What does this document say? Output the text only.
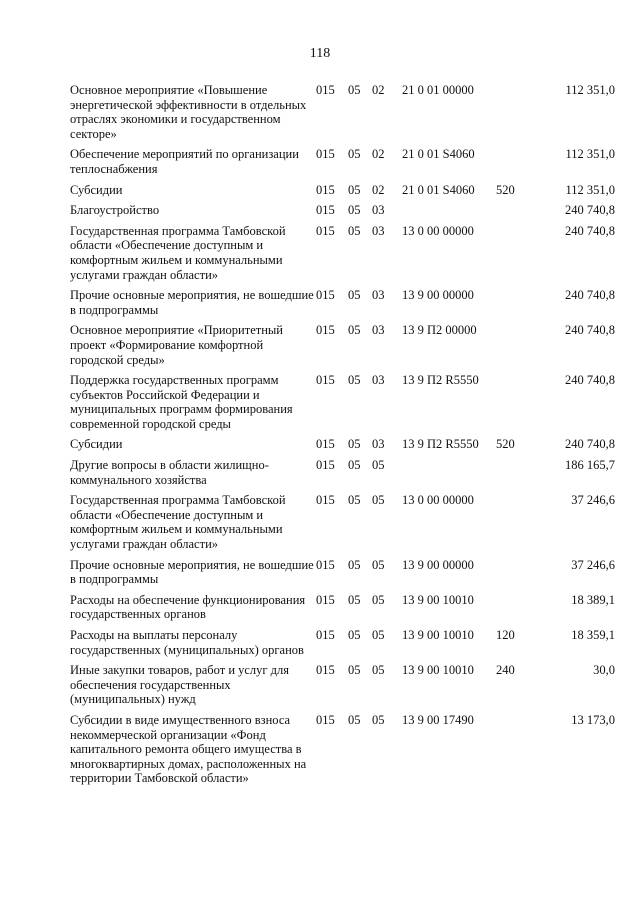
118
Основное мероприятие «Повышение энергетической эффективности в отдельных отраслях экономики и государственном секторе»	015	05	02	21 0 01 00000		112 351,0
Обеспечение мероприятий по организации теплоснабжения	015	05	02	21 0 01 S4060		112 351,0
Субсидии	015	05	02	21 0 01 S4060	520	112 351,0
Благоустройство	015	05	03			240 740,8
Государственная программа Тамбовской области «Обеспечение доступным и комфортным жильем и коммунальными услугами граждан области»	015	05	03	13 0 00 00000		240 740,8
Прочие основные мероприятия, не вошедшие в подпрограммы	015	05	03	13 9 00 00000		240 740,8
Основное мероприятие «Приоритетный проект «Формирование комфортной городской среды»	015	05	03	13 9 П2 00000		240 740,8
Поддержка государственных программ субъектов Российской Федерации и муниципальных программ формирования современной городской среды	015	05	03	13 9 П2 R5550		240 740,8
Субсидии	015	05	03	13 9 П2 R5550	520	240 740,8
Другие вопросы в области жилищно-коммунального хозяйства	015	05	05			186 165,7
Государственная программа Тамбовской области «Обеспечение доступным и комфортным жильем и коммунальными услугами граждан области»	015	05	05	13 0 00 00000		37 246,6
Прочие основные мероприятия, не вошедшие в подпрограммы	015	05	05	13 9 00 00000		37 246,6
Расходы на обеспечение функционирования государственных органов	015	05	05	13 9 00 10010		18 389,1
Расходы на выплаты персоналу государственных (муниципальных) органов	015	05	05	13 9 00 10010	120	18 359,1
Иные закупки товаров, работ и услуг для обеспечения государственных (муниципальных) нужд	015	05	05	13 9 00 10010	240	30,0
Субсидии в виде имущественного взноса некоммерческой организации «Фонд капитального ремонта общего имущества в многоквартирных домах, расположенных на территории Тамбовской области»	015	05	05	13 9 00 17490		13 173,0
